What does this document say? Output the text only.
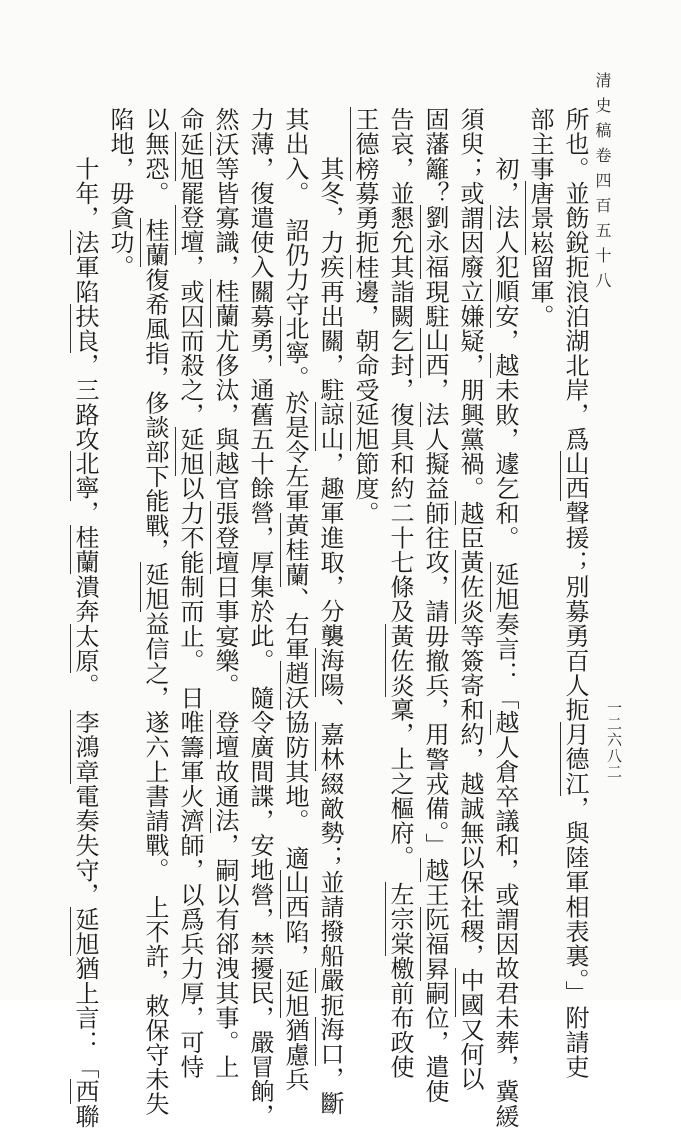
清史稿卷四百五十八
一二六八二
所也。並飭銳扼浪泊湖北岸，爲山西聲援；別募勇百人扼月德江，與陸軍相表裏。」附請吏
部主事唐景崧留軍。
　　初，法人犯順安，越未敗，遽乞和。　延旭奏言：「越人倉卒議和，或謂因故君未葬，冀緩
須臾；或謂因廢立嫌疑，朋興黨禍。越臣黃佐炎等簽寄和約，越誠無以保社稷，中國又何以
固藩籬？劉永福現駐山西，法人擬益師往攻，請毋撤兵，用警戎備。」越王阮福昪嗣位，遣使
告哀，並懇允其詣闕乞封，復具和約二十七條及黃佐炎稟，上之樞府。　左宗棠檄前布政使
王德榜募勇扼桂邊，朝命受延旭節度。
　　其冬，力疾再出關，駐諒山，趣軍進取，分襲海陽、嘉林綴敵勢；並請撥船嚴扼海口，斷
其出入。　詔仍力守北寧。於是令左軍黃桂蘭、右軍趙沃協防其地。　適山西陷，延旭猶慮兵
力薄，復遣使入關募勇，通舊五十餘營，厚集於此。　隨令廣間諜，安地營，禁擾民，嚴冒餉，
然沃等皆寡識，桂蘭尤侈汰，與越官張登壇日事宴樂。　登壇故通法，嗣以有郤洩其事。上
命延旭罷登壇，或囚而殺之，延旭以力不能制而止。　日唯籌軍火濟師，以爲兵力厚，可恃
以無恐。　桂蘭復希風指，侈談部下能戰，延旭益信之，遂六上書請戰。　上不許，敕保守未失
陷地，毋貪功。
　　十年，法軍陷扶良，三路攻北寧，桂蘭潰奔太原。　李鴻章電奏失守，延旭猶上言：「西聯
